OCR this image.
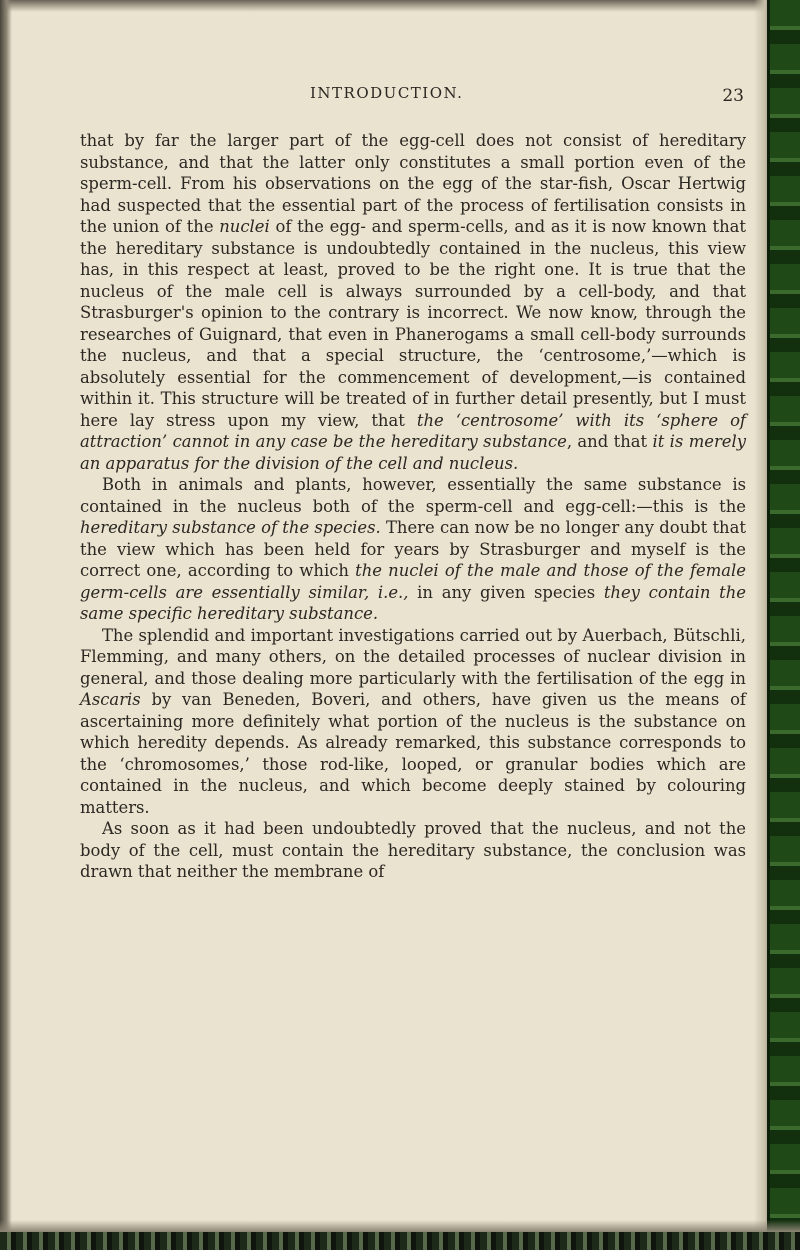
INTRODUCTION.	23

that by far the larger part of the egg-cell does not consist of hereditary substance, and that the latter only constitutes a small portion even of the sperm-cell. From his observations on the egg of the star-fish, Oscar Hertwig had suspected that the essential part of the process of fertilisation consists in the union of the nuclei of the egg- and sperm-cells, and as it is now known that the hereditary substance is undoubtedly contained in the nucleus, this view has, in this respect at least, proved to be the right one. It is true that the nucleus of the male cell is always surrounded by a cell-body, and that Strasburger's opinion to the contrary is incorrect. We now know, through the researches of Guignard, that even in Phanerogams a small cell-body surrounds the nucleus, and that a special structure, the ‘centrosome,’—which is absolutely essential for the commencement of development,—is contained within it. This structure will be treated of in further detail presently, but I must here lay stress upon my view, that the ‘centrosome’ with its ‘sphere of attraction’ cannot in any case be the hereditary substance, and that it is merely an apparatus for the division of the cell and nucleus.

Both in animals and plants, however, essentially the same substance is contained in the nucleus both of the sperm-cell and egg-cell:—this is the hereditary substance of the species. There can now be no longer any doubt that the view which has been held for years by Strasburger and myself is the correct one, according to which the nuclei of the male and those of the female germ-cells are essentially similar, i.e., in any given species they contain the same specific hereditary substance.

The splendid and important investigations carried out by Auerbach, Bütschli, Flemming, and many others, on the detailed processes of nuclear division in general, and those dealing more particularly with the fertilisation of the egg in Ascaris by van Beneden, Boveri, and others, have given us the means of ascertaining more definitely what portion of the nucleus is the substance on which heredity depends. As already remarked, this substance corresponds to the ‘chromosomes,’ those rod-like, looped, or granular bodies which are contained in the nucleus, and which become deeply stained by colouring matters.

As soon as it had been undoubtedly proved that the nucleus, and not the body of the cell, must contain the hereditary substance, the conclusion was drawn that neither the membrane of
